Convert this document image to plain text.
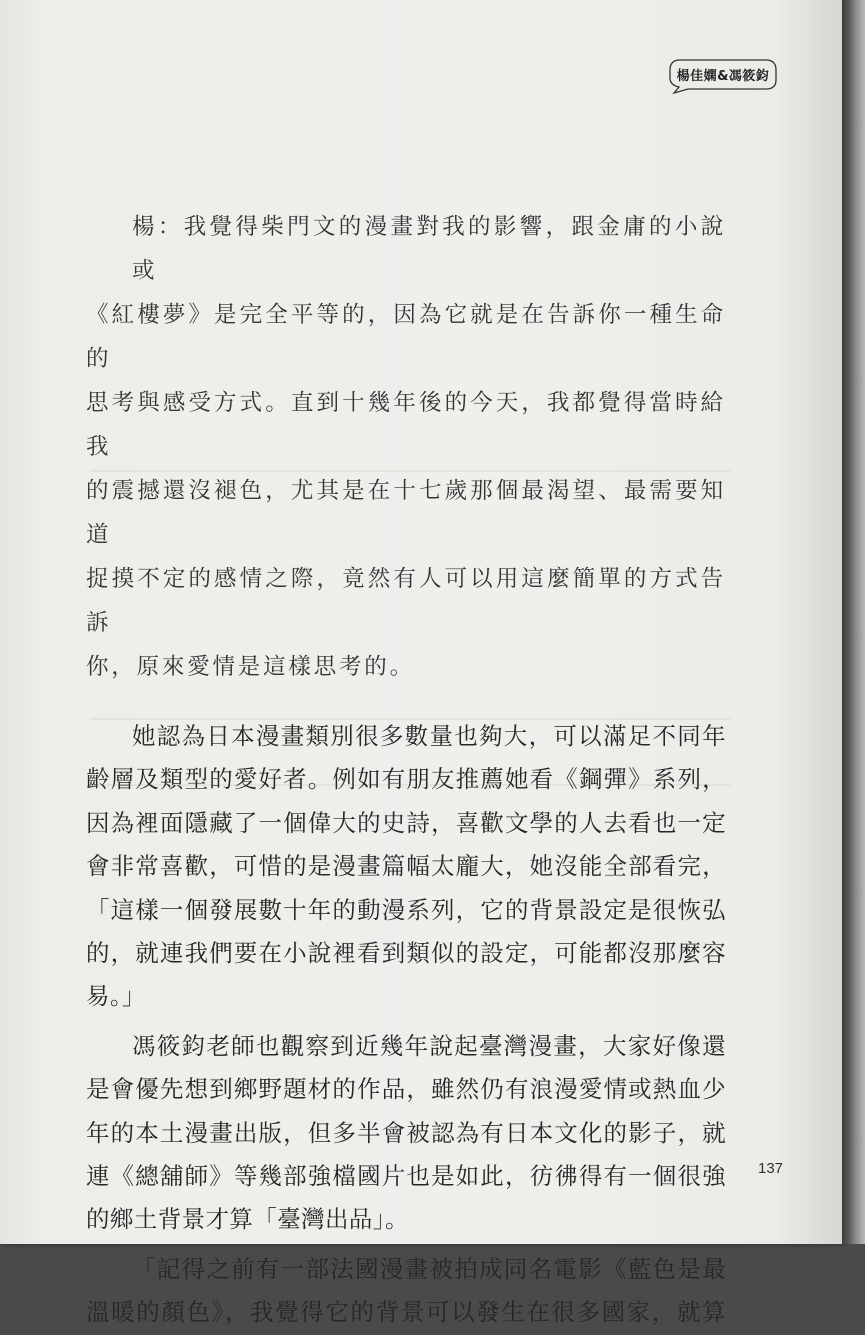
楊佳嫻&馮筱鈞

楊：我覺得柴門文的漫畫對我的影響，跟金庸的小說或

《紅樓夢》是完全平等的，因為它就是在告訴你一種生命的

思考與感受方式。直到十幾年後的今天，我都覺得當時給我

的震撼還沒褪色，尤其是在十七歲那個最渴望、最需要知道

捉摸不定的感情之際，竟然有人可以用這麼簡單的方式告訴

你，原來愛情是這樣思考的。

她認為日本漫畫類別很多數量也夠大，可以滿足不同年

齡層及類型的愛好者。例如有朋友推薦她看《鋼彈》系列，

因為裡面隱藏了一個偉大的史詩，喜歡文學的人去看也一定

會非常喜歡，可惜的是漫畫篇幅太龐大，她沒能全部看完，

「這樣一個發展數十年的動漫系列，它的背景設定是很恢弘

的，就連我們要在小說裡看到類似的設定，可能都沒那麼容

易。」

馮筱鈞老師也觀察到近幾年說起臺灣漫畫，大家好像還

是會優先想到鄉野題材的作品，雖然仍有浪漫愛情或熱血少

年的本土漫畫出版，但多半會被認為有日本文化的影子，就

連《總舖師》等幾部強檔國片也是如此，彷彿得有一個很強

的鄉土背景才算「臺灣出品」。

「記得之前有一部法國漫畫被拍成同名電影《藍色是最

溫暖的顏色》，我覺得它的背景可以發生在很多國家，就算

137
